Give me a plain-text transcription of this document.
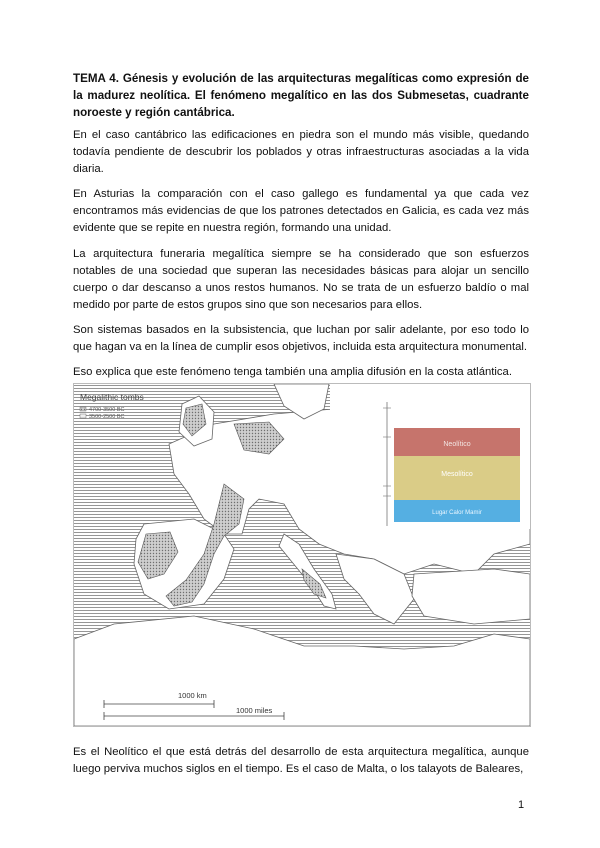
TEMA 4. Génesis y evolución de las arquitecturas megalíticas como expresión de la madurez neolítica. El fenómeno megalítico en las dos Submesetas, cuadrante noroeste y región cantábrica.
En el caso cantábrico las edificaciones en piedra son el mundo más visible, quedando todavía pendiente de descubrir los poblados y otras infraestructuras asociadas a la vida diaria.
En Asturias la comparación con el caso gallego es fundamental ya que cada vez encontramos más evidencias de que los patrones detectados en Galicia, es cada vez más evidente que se repite en nuestra región, formando una unidad.
La arquitectura funeraria megalítica siempre se ha considerado que son esfuerzos notables de una sociedad que superan las necesidades básicas para alojar un sencillo cuerpo o dar descanso a unos restos humanos. No se trata de un esfuerzo baldío o mal medido por parte de estos grupos sino que son necesarios para ellos.
Son sistemas basados en la subsistencia, que luchan por salir adelante, por eso todo lo que hagan va en la línea de cumplir esos objetivos, incluida esta arquitectura monumental.
Eso explica que este fenómeno tenga también una amplia difusión en la costa atlántica.
Megalithic tombs
4700-3500 BC
3500-2500 BC
Neolítico
Mesolítico
Lugar Calor Mamir
1000 km
1000 miles
Es el Neolítico el que está detrás del desarrollo de esta arquitectura megalítica, aunque luego perviva muchos siglos en el tiempo. Es el caso de Malta, o los talayots de Baleares,
1
